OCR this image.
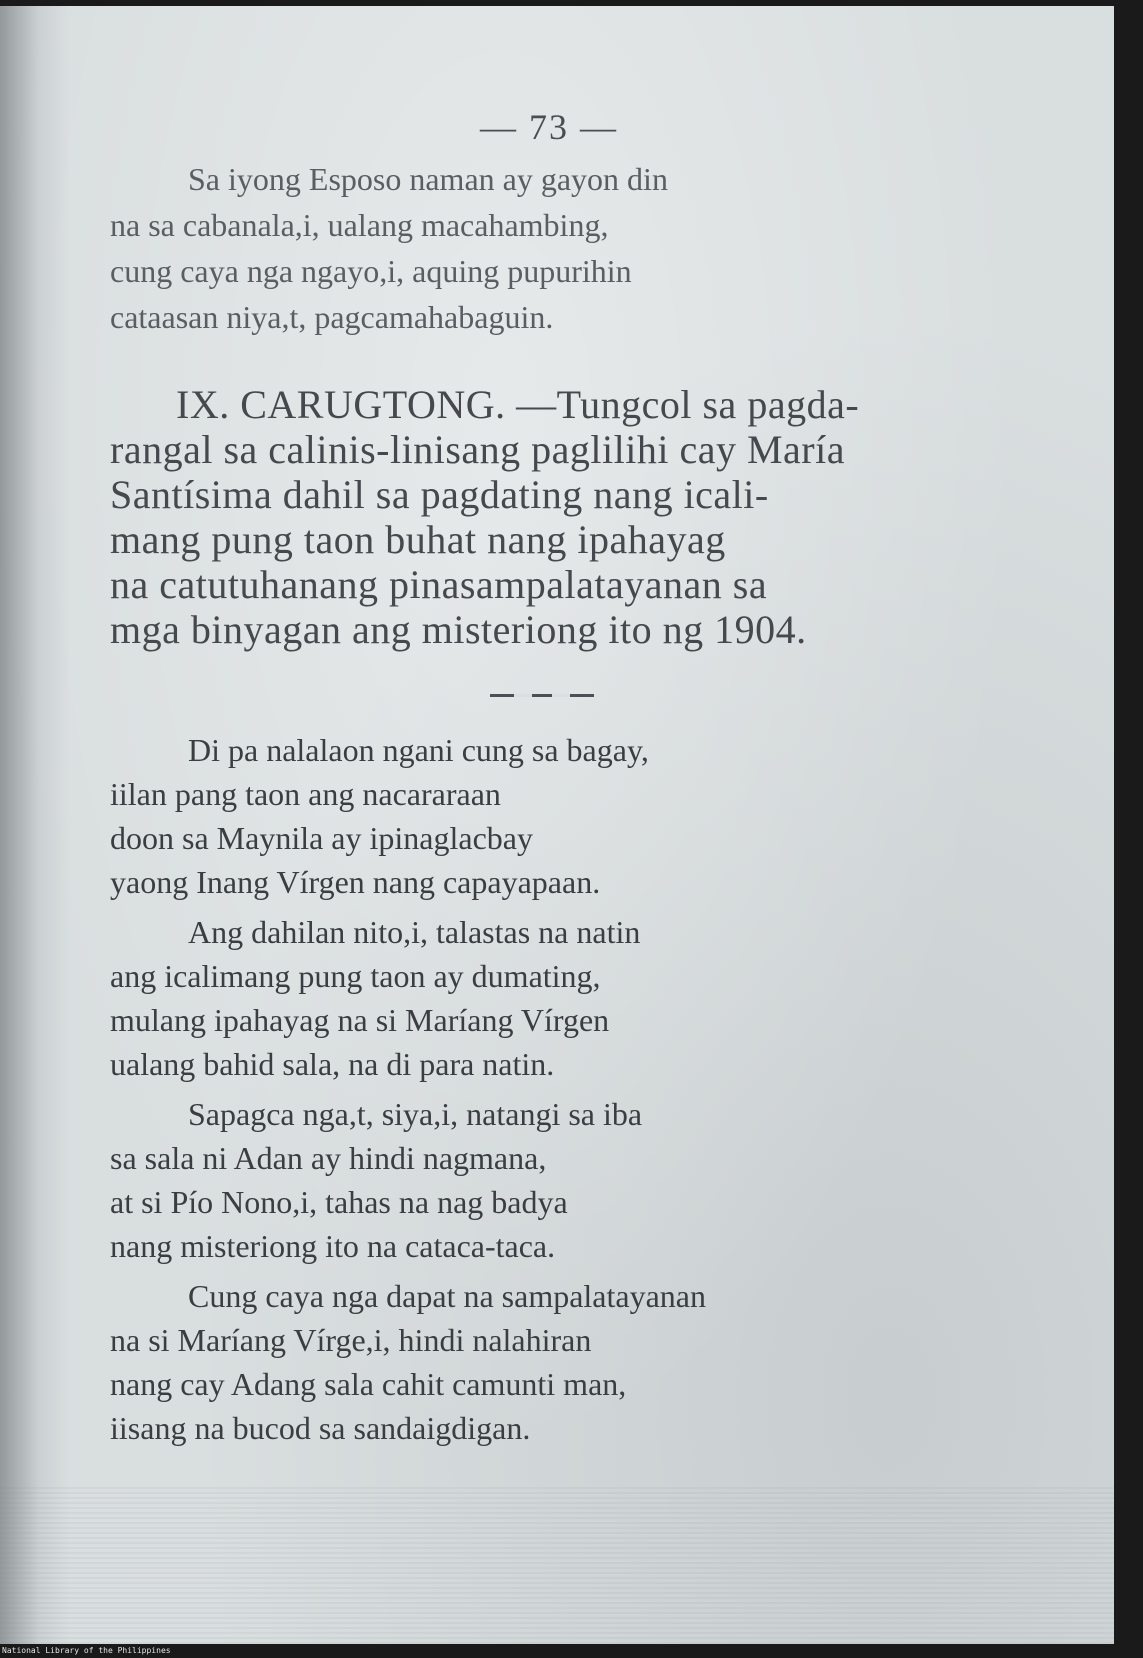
— 73 —
Sa iyong Esposo naman ay gayon din
na sa cabanala,i, ualang macahambing,
cung caya nga ngayo,i, aquing pupurihin
cataasan niya,t, pagcamahabaguin.
IX. CARUGTONG. —Tungcol sa pagda-
rangal sa calinis-linisang paglilihi cay María
Santísima dahil sa pagdating nang icali-
mang pung taon buhat nang ipahayag
na catutuhanang pinasampalatayanan sa
mga binyagan ang misteriong ito ng 1904.
Di pa nalalaon ngani cung sa bagay,
iilan pang taon ang nacararaan
doon sa Maynila ay ipinaglacbay
yaong Inang Vírgen nang capayapaan.
Ang dahilan nito,i, talastas na natin
ang icalimang pung taon ay dumating,
mulang ipahayag na si Maríang Vírgen
ualang bahid sala, na di para natin.
Sapagca nga,t, siya,i, natangi sa iba
sa sala ni Adan ay hindi nagmana,
at si Pío Nono,i, tahas na nag badya
nang misteriong ito na cataca-taca.
Cung caya nga dapat na sampalatayanan
na si Maríang Vírge,i, hindi nalahiran
nang cay Adang sala cahit camunti man,
iisang na bucod sa sandaigdigan.
National Library of the Philippines
